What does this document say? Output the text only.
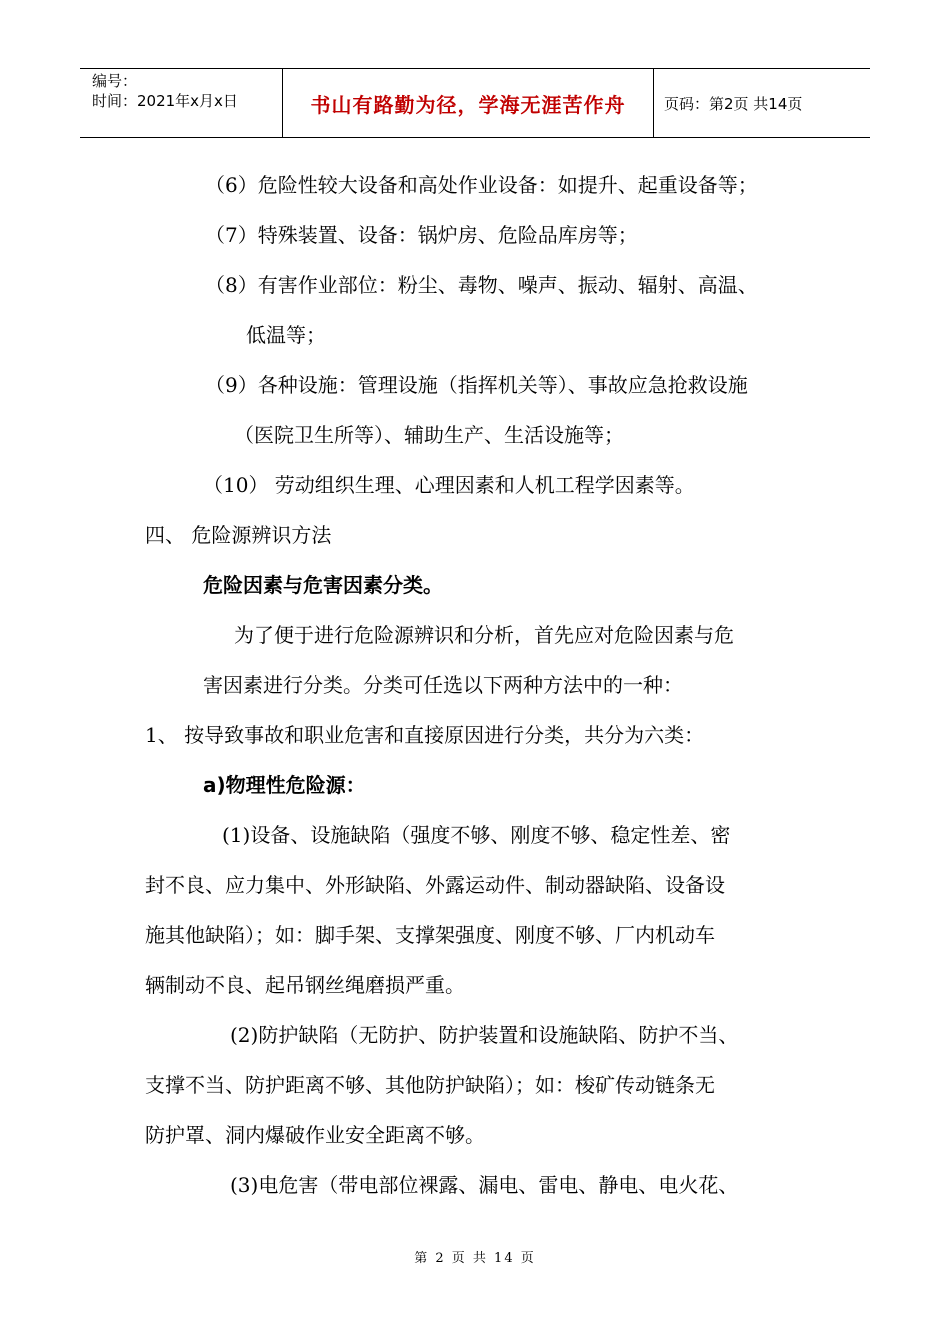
编号：
时间：2021年x月x日	书山有路勤为径，学海无涯苦作舟	页码：第2页 共14页
（6）危险性较大设备和高处作业设备：如提升、起重设备等；
（7）特殊装置、设备：锅炉房、危险品库房等；
（8）有害作业部位：粉尘、毒物、噪声、振动、辐射、高温、
低温等；
（9）各种设施：管理设施（指挥机关等）、事故应急抢救设施
（医院卫生所等）、辅助生产、生活设施等；
（10） 劳动组织生理、心理因素和人机工程学因素等。
四、 危险源辨识方法
危险因素与危害因素分类。
为了便于进行危险源辨识和分析，首先应对危险因素与危
害因素进行分类。分类可任选以下两种方法中的一种：
1、 按导致事故和职业危害和直接原因进行分类，共分为六类：
a)物理性危险源：
(1)设备、设施缺陷（强度不够、刚度不够、稳定性差、密
封不良、应力集中、外形缺陷、外露运动件、制动器缺陷、设备设
施其他缺陷）；如：脚手架、支撑架强度、刚度不够、厂内机动车
辆制动不良、起吊钢丝绳磨损严重。
(2)防护缺陷（无防护、防护装置和设施缺陷、防护不当、
支撑不当、防护距离不够、其他防护缺陷）；如：梭矿传动链条无
防护罩、洞内爆破作业安全距离不够。
(3)电危害（带电部位裸露、漏电、雷电、静电、电火花、
第 2 页 共 14 页
